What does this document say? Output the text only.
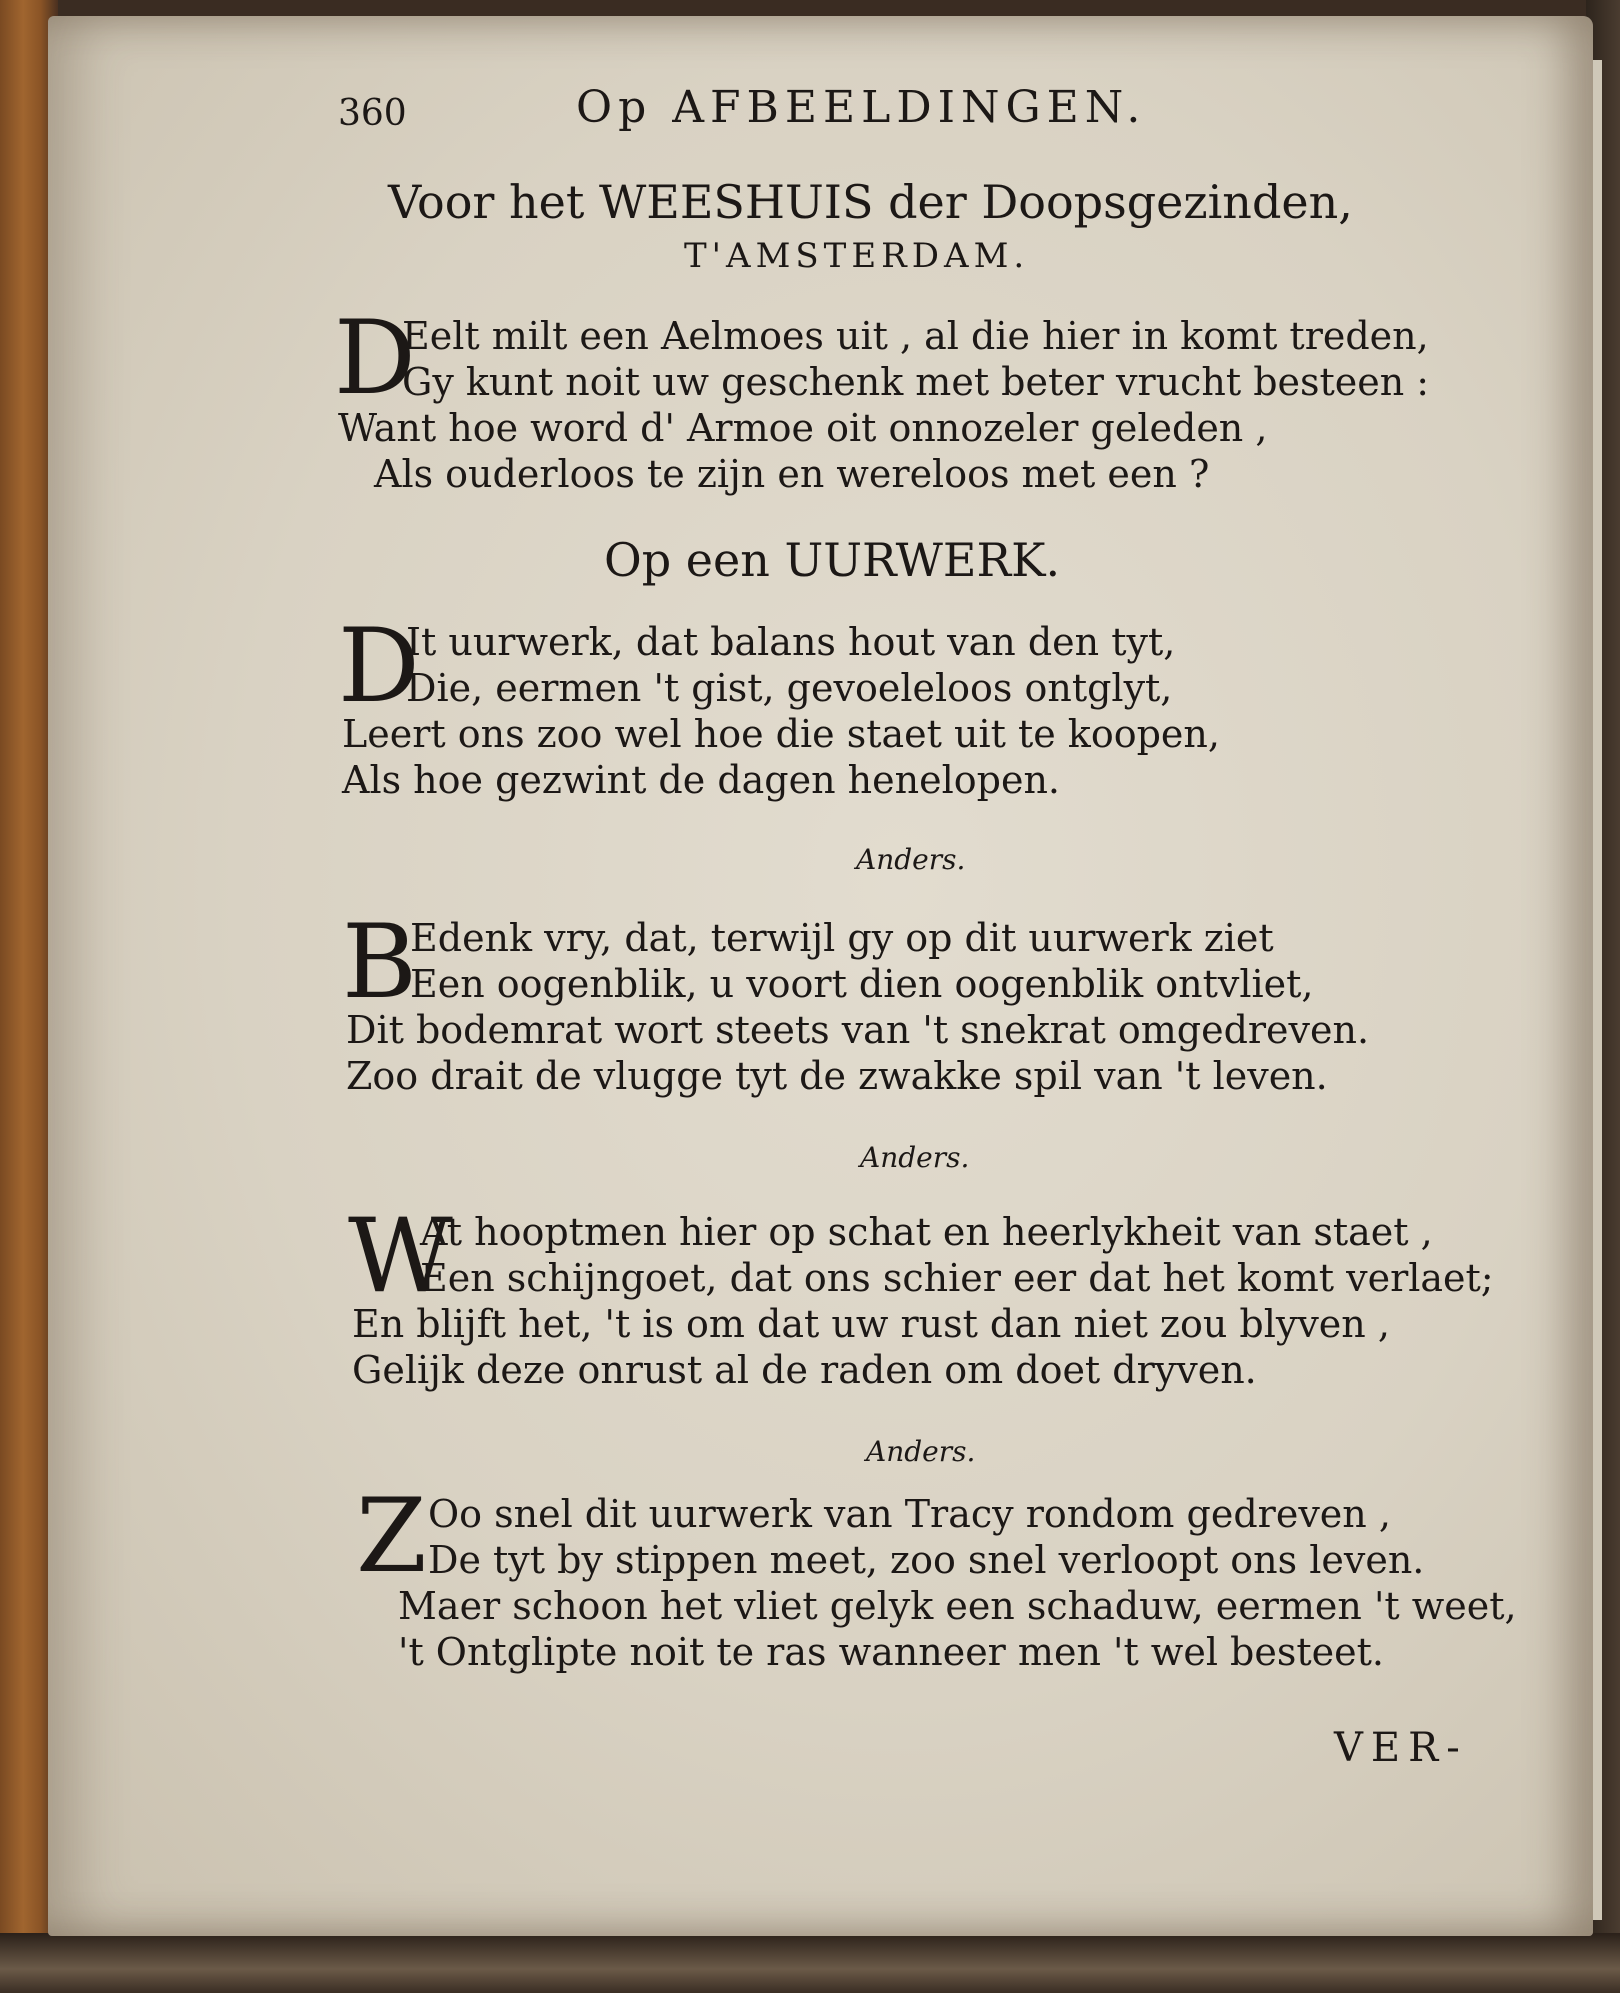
360	Op AFBEELDINGEN.
Voor het WEESHUIS der Doopsgezinden,
T'AMSTERDAM.
D
Eelt milt een Aelmoes uit , al die hier in komt treden,
Gy kunt noit uw geschenk met beter vrucht besteen :
Want hoe word d' Armoe oit onnozeler geleden ,
Als ouderloos te zijn en wereloos met een ?
Op een UURWERK.
D
It uurwerk, dat balans hout van den tyt,
Die, eermen 't gist, gevoeleloos ontglyt,
Leert ons zoo wel hoe die staet uit te koopen,
Als hoe gezwint de dagen henelopen.
Anders.
B
Edenk vry, dat, terwijl gy op dit uurwerk ziet
Een oogenblik, u voort dien oogenblik ontvliet,
Dit bodemrat wort steets van 't snekrat omgedreven.
Zoo drait de vlugge tyt de zwakke spil van 't leven.
Anders.
W
At hooptmen hier op schat en heerlykheit van staet ,
Een schijngoet, dat ons schier eer dat het komt verlaet;
En blijft het, 't is om dat uw rust dan niet zou blyven ,
Gelijk deze onrust al de raden om doet dryven.
Anders.
Z Oo snel dit uurwerk van Tracy rondom gedreven ,
De tyt by stippen meet, zoo snel verloopt ons leven.
Maer schoon het vliet gelyk een schaduw, eermen 't weet,
't Ontglipte noit te ras wanneer men 't wel besteet.
VER-
